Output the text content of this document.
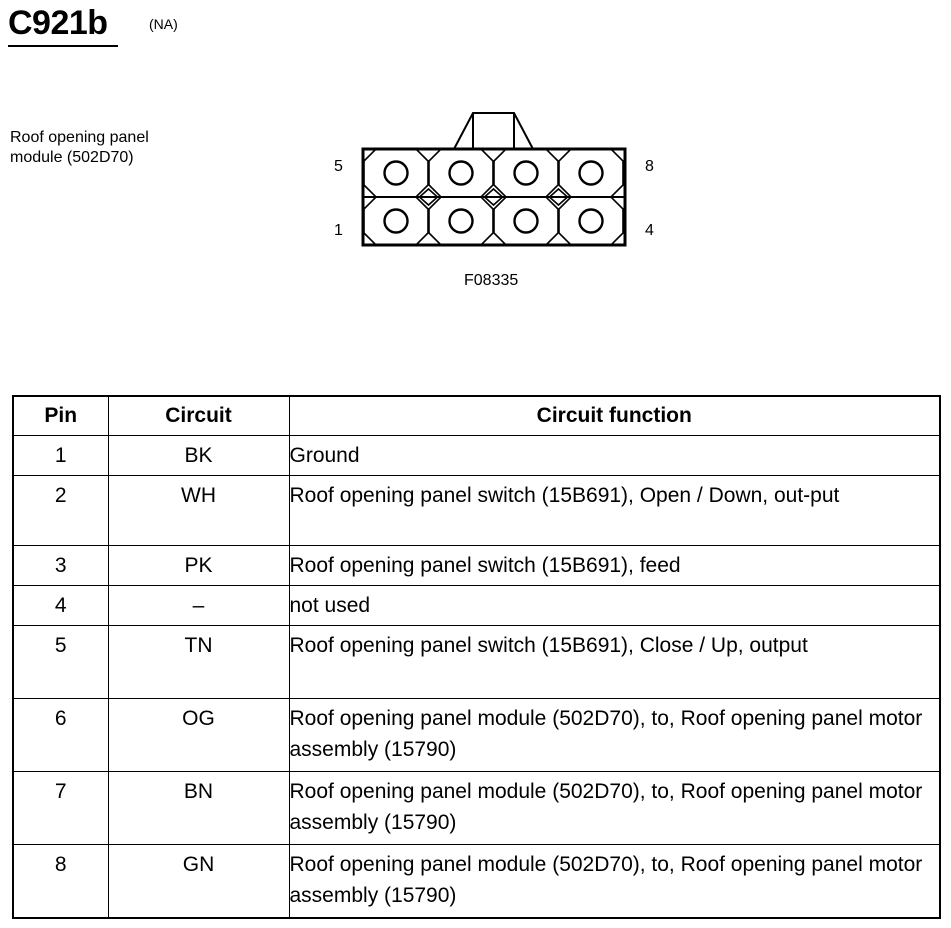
C921b	(NA)
Roof opening panel
module (502D70)
5	8
1	4
F08335
Pin	Circuit	Circuit function
1	BK	Ground
2	WH	Roof opening panel switch (15B691), Open / Down, out-put
3	PK	Roof opening panel switch (15B691), feed
4	–	not used
5	TN	Roof opening panel switch (15B691), Close / Up, output
6	OG	Roof opening panel module (502D70), to, Roof opening panel motor assembly (15790)
7	BN	Roof opening panel module (502D70), to, Roof opening panel motor assembly (15790)
8	GN	Roof opening panel module (502D70), to, Roof opening panel motor assembly (15790)
